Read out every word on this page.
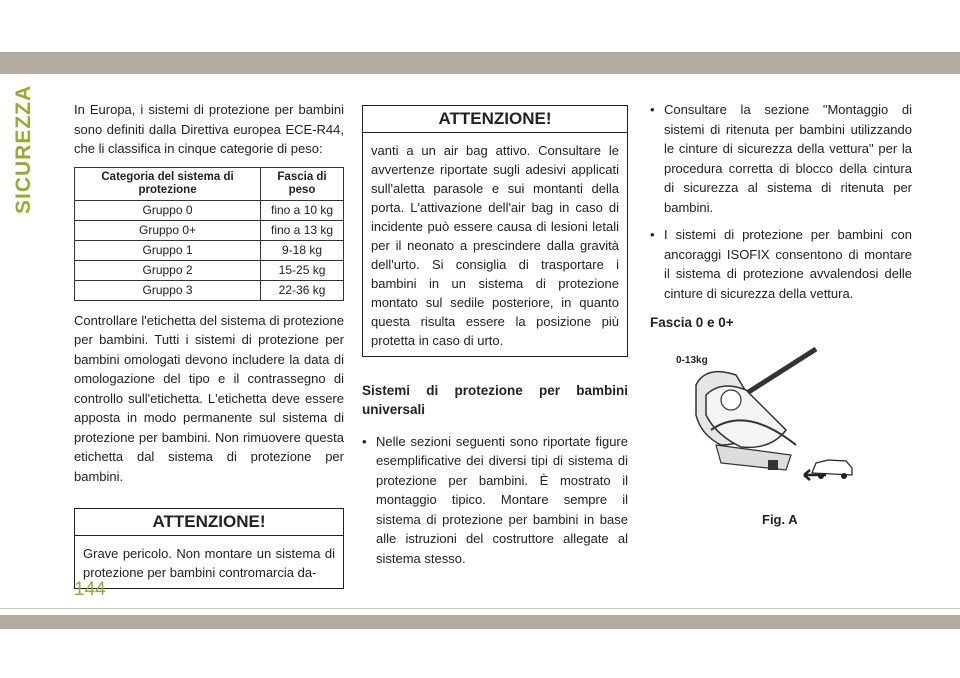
SICUREZZA	In Europa, i sistemi di protezione per bambini sono definiti dalla Direttiva europea ECE-R44, che li classifica in cinque categorie di peso:

Categoria del sistema di protezione	Fascia di peso
Gruppo 0	fino a 10 kg
Gruppo 0+	fino a 13 kg
Gruppo 1	9-18 kg
Gruppo 2	15-25 kg
Gruppo 3	22-36 kg

Controllare l'etichetta del sistema di protezione per bambini. Tutti i sistemi di protezione per bambini omologati devono includere la data di omologazione del tipo e il contrassegno di controllo sull'etichetta. L'etichetta deve essere apposta in modo permanente sul sistema di protezione per bambini. Non rimuovere questa etichetta dal sistema di protezione per bambini.

ATTENZIONE!
Grave pericolo. Non montare un sistema di protezione per bambini contromarcia da-
ATTENZIONE!
vanti a un air bag attivo. Consultare le avvertenze riportate sugli adesivi applicati sull'aletta parasole e sui montanti della porta. L'attivazione dell'air bag in caso di incidente può essere causa di lesioni letali per il neonato a prescindere dalla gravità dell'urto. Si consiglia di trasportare i bambini in un sistema di protezione montato sul sedile posteriore, in quanto questa risulta essere la posizione più protetta in caso di urto.
Sistemi di protezione per bambini universali
• Nelle sezioni seguenti sono riportate figure esemplificative dei diversi tipi di sistema di protezione per bambini. È mostrato il montaggio tipico. Montare sempre il sistema di protezione per bambini in base alle istruzioni del costruttore allegate al sistema stesso.
• Consultare la sezione "Montaggio di sistemi di ritenuta per bambini utilizzando le cinture di sicurezza della vettura" per la procedura corretta di blocco della cintura di sicurezza al sistema di ritenuta per bambini.
• I sistemi di protezione per bambini con ancoraggi ISOFIX consentono di montare il sistema di protezione avvalendosi delle cinture di sicurezza della vettura.
Fascia 0 e 0+
0-13kg
Fig. A
144
